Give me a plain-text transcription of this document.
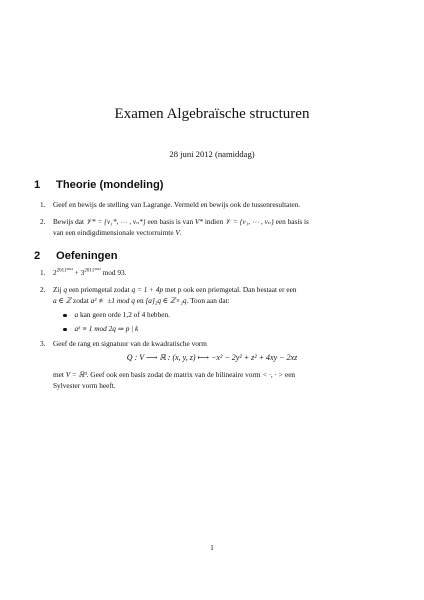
Examen Algebraïsche structuren
28 juni 2012 (namiddag)
1 Theorie (mondeling)
1. Geef en bewijs de stelling van Lagrange. Vermeld en bewijs ook de tussenresultaten.
2. Bewijs dat 𝒱* = {v₁*, ⋯ , vₙ*} een basis is van V* indien 𝒱 = {v₁, ⋯ , vₙ} een basis is
van een eindigdimensionale vectorruimte V.
2 Oefeningen
1. $2^{2011^{2012}} + 3^{2011^{2012}}$ mod 93.
2. Zij q een priemgetal zodat q = 1 + 4p met p ook een priemgetal. Dan bestaat er een
a ∈ ℤ zodat a² ≢ ±1 mod q en [a]₂q ∈ ℤ×₂q. Toon aan dat:
a kan geen orde 1,2 of 4 hebben.
aᵏ ≡ 1 mod 2q ⇒ p | k
3. Geef de rang en signatuur van de kwadratische vorm
Q : V ⟶ ℝ : (x, y, z) ⟼ −x² − 2y² + z² + 4xy − 2xz
met V = ℝ³. Geef ook een basis zodat de matrix van de bilineaire vorm < ·, · > een
Sylvester vorm heeft.
1
